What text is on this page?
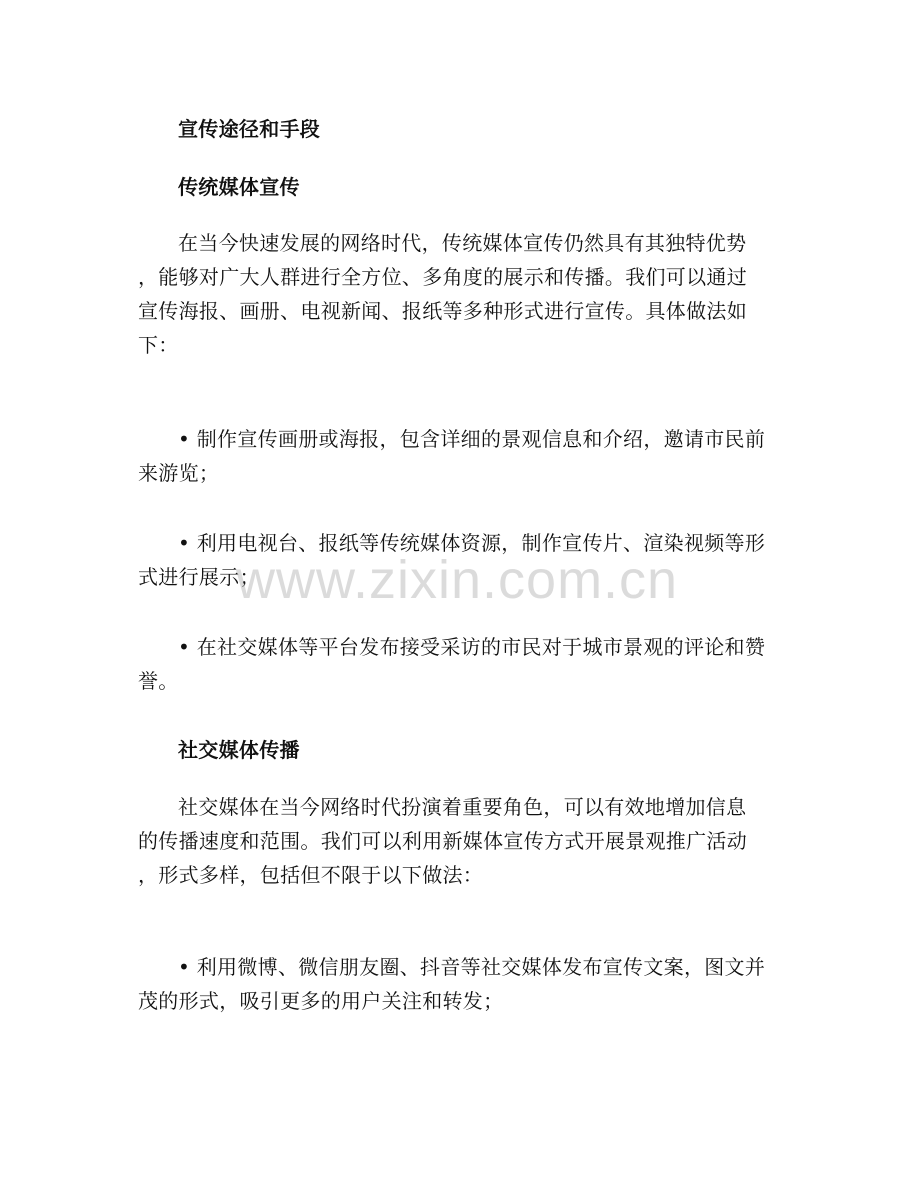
宣传途径和手段
传统媒体宣传
在当今快速发展的网络时代，传统媒体宣传仍然具有其独特优势
，能够对广大人群进行全方位、多角度的展示和传播。我们可以通过
宣传海报、画册、电视新闻、报纸等多种形式进行宣传。具体做法如
下：
• 制作宣传画册或海报，包含详细的景观信息和介绍，邀请市民前
来游览；
• 利用电视台、报纸等传统媒体资源，制作宣传片、渲染视频等形
式进行展示；
• 在社交媒体等平台发布接受采访的市民对于城市景观的评论和赞
誉。
社交媒体传播
社交媒体在当今网络时代扮演着重要角色，可以有效地增加信息
的传播速度和范围。我们可以利用新媒体宣传方式开展景观推广活动
，形式多样，包括但不限于以下做法：
• 利用微博、微信朋友圈、抖音等社交媒体发布宣传文案，图文并
茂的形式，吸引更多的用户关注和转发；
www.zixin.com.cn
